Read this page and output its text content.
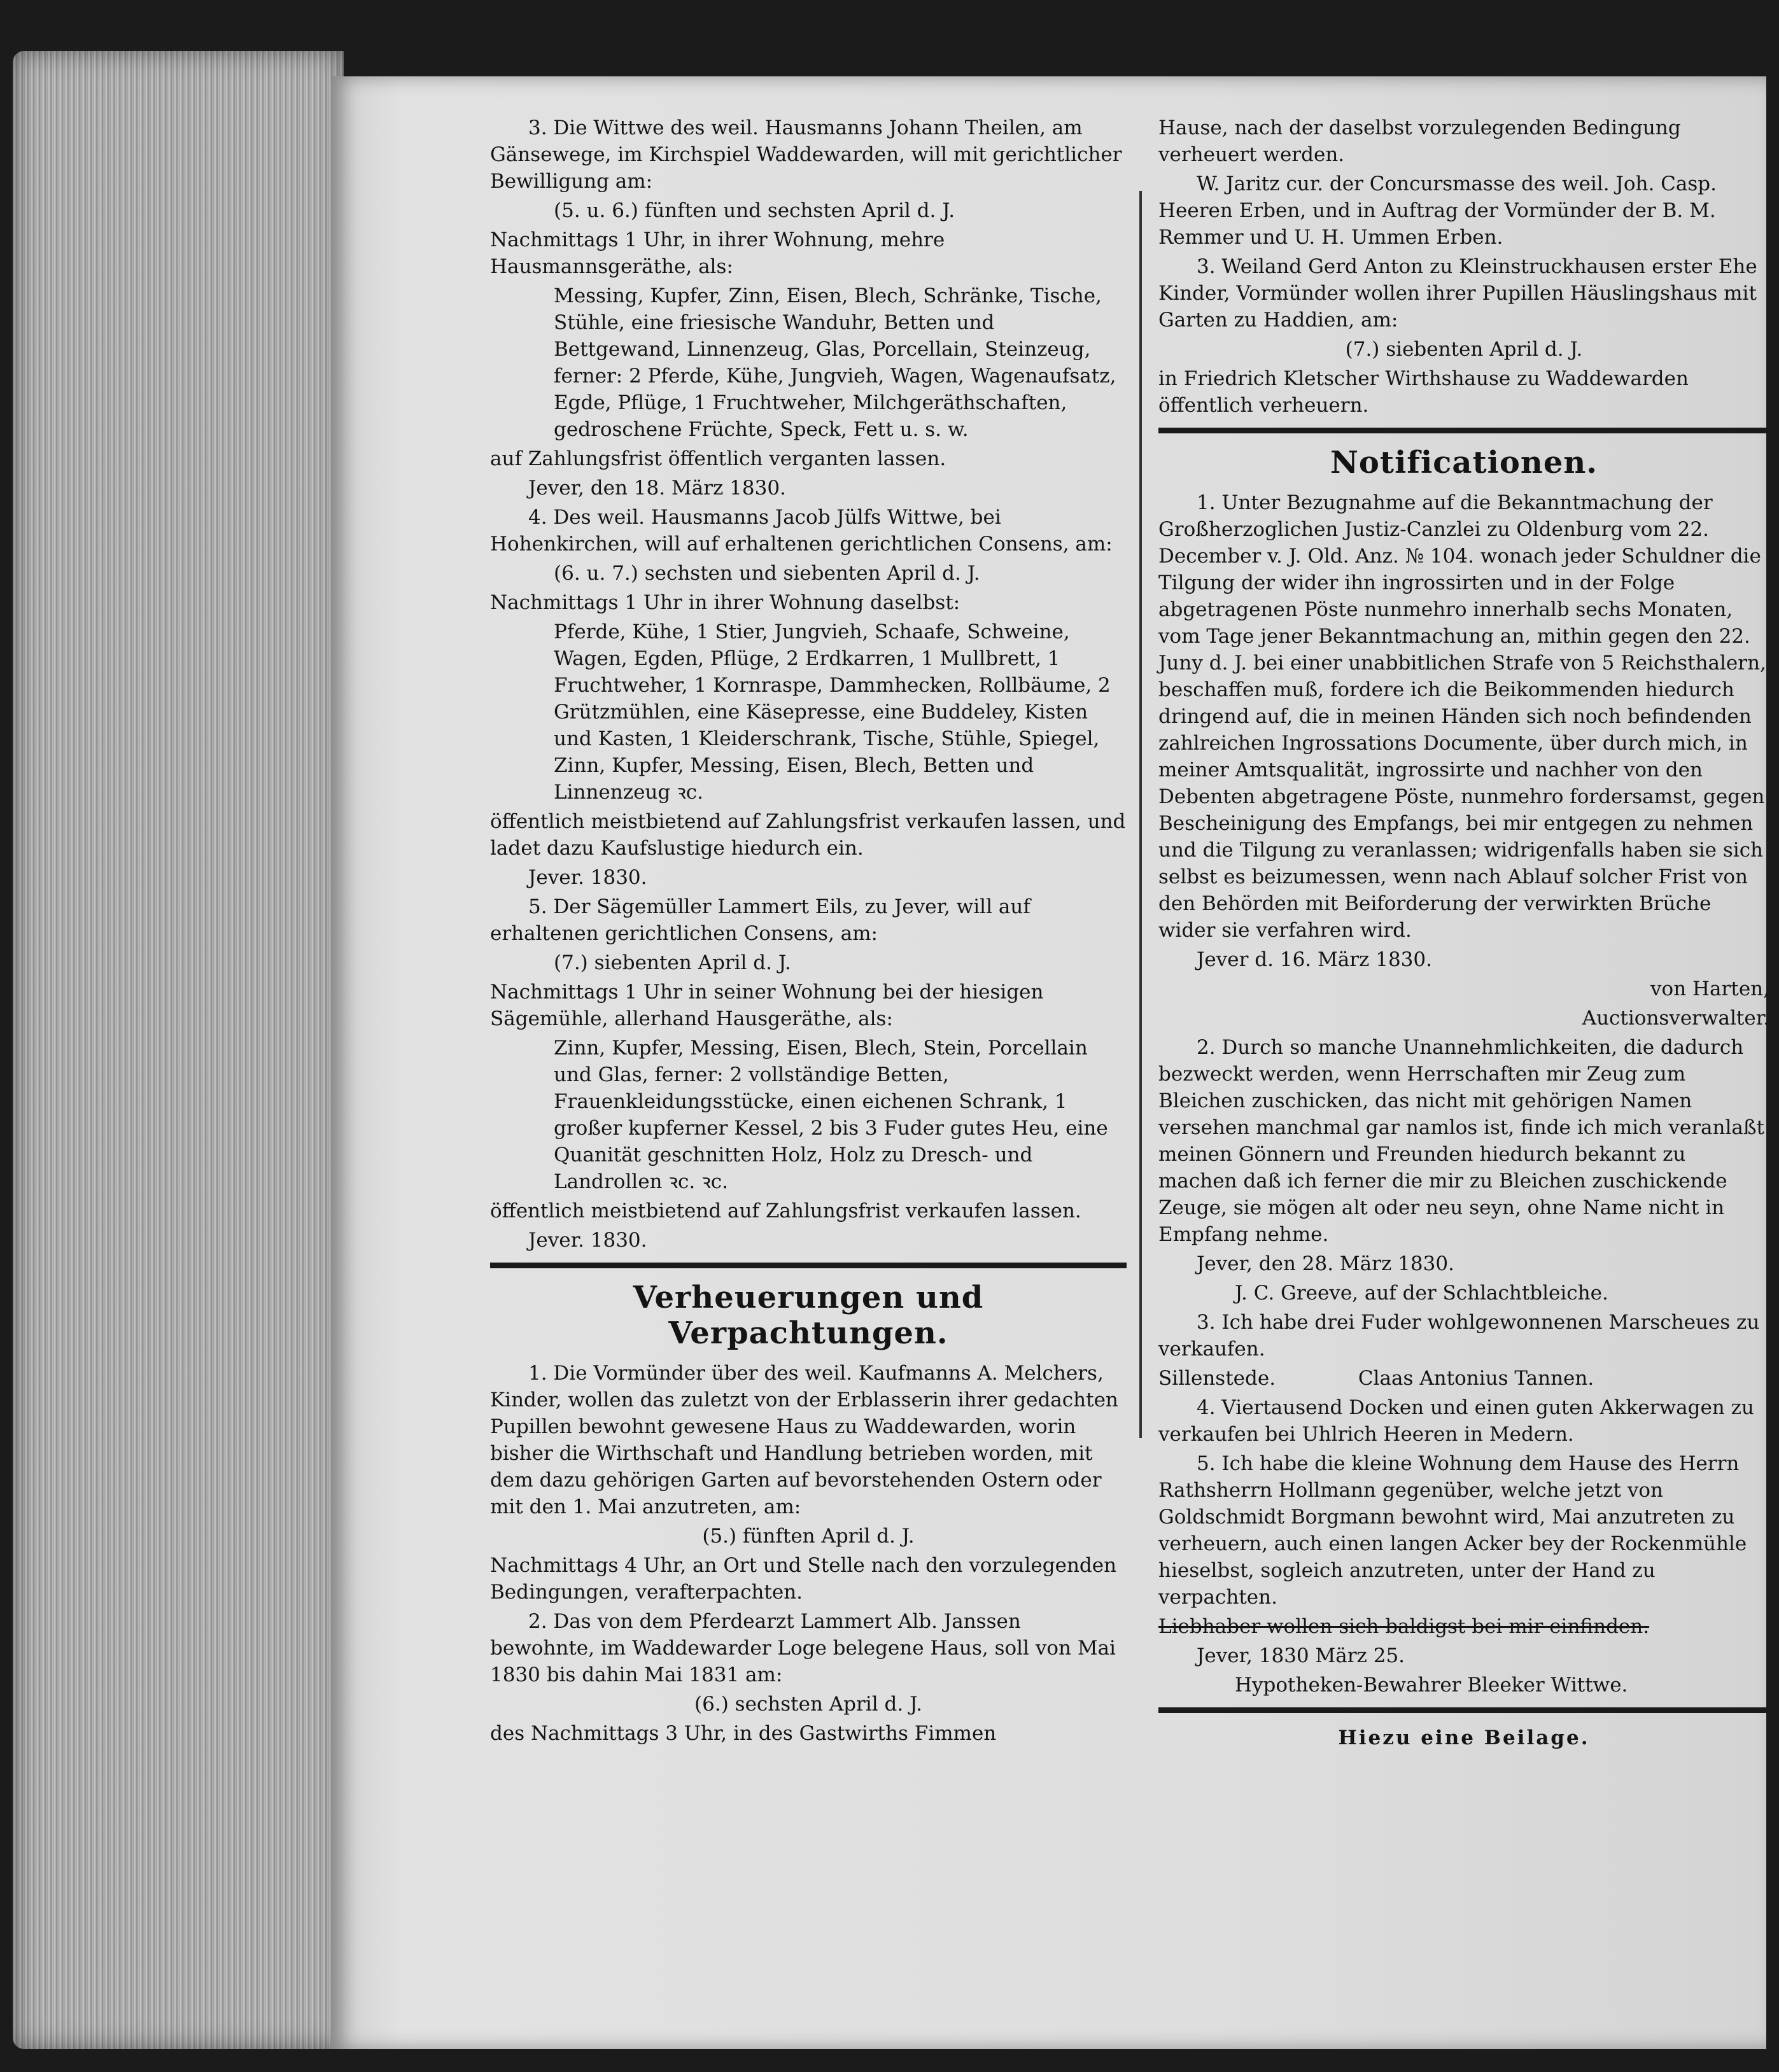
3. Die Wittwe des weil. Hausmanns Johann Theilen, am Gänsewege, im Kirchspiel Waddewarden, will mit gerichtlicher Bewilligung am:

(5. u. 6.) fünften und sechsten April d. J.

Nachmittags 1 Uhr, in ihrer Wohnung, mehre Hausmannsgeräthe, als:

Messing, Kupfer, Zinn, Eisen, Blech, Schränke, Tische, Stühle, eine friesische Wanduhr, Betten und Bettgewand, Linnenzeug, Glas, Porcellain, Steinzeug, ferner: 2 Pferde, Kühe, Jungvieh, Wagen, Wagenaufsatz, Egde, Pflüge, 1 Fruchtweher, Milchgeräthschaften, gedroschene Früchte, Speck, Fett u. s. w.

auf Zahlungsfrist öffentlich verganten lassen.

Jever, den 18. März 1830.

4. Des weil. Hausmanns Jacob Jülfs Wittwe, bei Hohenkirchen, will auf erhaltenen gerichtlichen Consens, am:

(6. u. 7.) sechsten und siebenten April d. J.

Nachmittags 1 Uhr in ihrer Wohnung daselbst:

Pferde, Kühe, 1 Stier, Jungvieh, Schaafe, Schweine, Wagen, Egden, Pflüge, 2 Erdkarren, 1 Mullbrett, 1 Fruchtweher, 1 Kornraspe, Dammhecken, Rollbäume, 2 Grützmühlen, eine Käsepresse, eine Buddeley, Kisten und Kasten, 1 Kleiderschrank, Tische, Stühle, Spiegel, Zinn, Kupfer, Messing, Eisen, Blech, Betten und Linnenzeug ꝛc.

öffentlich meistbietend auf Zahlungsfrist verkaufen lassen, und ladet dazu Kaufslustige hiedurch ein.

Jever. 1830.

5. Der Sägemüller Lammert Eils, zu Jever, will auf erhaltenen gerichtlichen Consens, am:

(7.) siebenten April d. J.

Nachmittags 1 Uhr in seiner Wohnung bei der hiesigen Sägemühle, allerhand Hausgeräthe, als:

Zinn, Kupfer, Messing, Eisen, Blech, Stein, Porcellain und Glas, ferner: 2 vollständige Betten, Frauenkleidungsstücke, einen eichenen Schrank, 1 großer kupferner Kessel, 2 bis 3 Fuder gutes Heu, eine Quanität geschnitten Holz, Holz zu Dresch- und Landrollen ꝛc. ꝛc.

öffentlich meistbietend auf Zahlungsfrist verkaufen lassen.

Jever. 1830.

Verheuerungen und Verpachtungen.

1. Die Vormünder über des weil. Kaufmanns A. Melchers, Kinder, wollen das zuletzt von der Erblasserin ihrer gedachten Pupillen bewohnt gewesene Haus zu Waddewarden, worin bisher die Wirthschaft und Handlung betrieben worden, mit dem dazu gehörigen Garten auf bevorstehenden Ostern oder mit den 1. Mai anzutreten, am:

(5.) fünften April d. J.

Nachmittags 4 Uhr, an Ort und Stelle nach den vorzulegenden Bedingungen, verafterpachten.

2. Das von dem Pferdearzt Lammert Alb. Janssen bewohnte, im Waddewarder Loge belegene Haus, soll von Mai 1830 bis dahin Mai 1831 am:

(6.) sechsten April d. J.

des Nachmittags 3 Uhr, in des Gastwirths Fimmen

Hause, nach der daselbst vorzulegenden Bedingung verheuert werden.

W. Jaritz cur. der Concursmasse des weil. Joh. Casp. Heeren Erben, und in Auftrag der Vormünder der B. M. Remmer und U. H. Ummen Erben.

3. Weiland Gerd Anton zu Kleinstruckhausen erster Ehe Kinder, Vormünder wollen ihrer Pupillen Häuslingshaus mit Garten zu Haddien, am:

(7.) siebenten April d. J.

in Friedrich Kletscher Wirthshause zu Waddewarden öffentlich verheuern.

Notificationen.

1. Unter Bezugnahme auf die Bekanntmachung der Großherzoglichen Justiz-Canzlei zu Oldenburg vom 22. December v. J. Old. Anz. № 104. wonach jeder Schuldner die Tilgung der wider ihn ingrossirten und in der Folge abgetragenen Pöste nunmehro innerhalb sechs Monaten, vom Tage jener Bekanntmachung an, mithin gegen den 22. Juny d. J. bei einer unabbitlichen Strafe von 5 Reichsthalern, beschaffen muß, fordere ich die Beikommenden hiedurch dringend auf, die in meinen Händen sich noch befindenden zahlreichen Ingrossations Documente, über durch mich, in meiner Amtsqualität, ingrossirte und nachher von den Debenten abgetragene Pöste, nunmehro fordersamst, gegen Bescheinigung des Empfangs, bei mir entgegen zu nehmen und die Tilgung zu veranlassen; widrigenfalls haben sie sich selbst es beizumessen, wenn nach Ablauf solcher Frist von den Behörden mit Beiforderung der verwirkten Brüche wider sie verfahren wird.

Jever d. 16. März 1830.

von Harten,

Auctionsverwalter.

2. Durch so manche Unannehmlichkeiten, die dadurch bezweckt werden, wenn Herrschaften mir Zeug zum Bleichen zuschicken, das nicht mit gehörigen Namen versehen manchmal gar namlos ist, finde ich mich veranlaßt meinen Gönnern und Freunden hiedurch bekannt zu machen daß ich ferner die mir zu Bleichen zuschickende Zeuge, sie mögen alt oder neu seyn, ohne Name nicht in Empfang nehme.

Jever, den 28. März 1830.

J. C. Greeve, auf der Schlachtbleiche.

3. Ich habe drei Fuder wohlgewonnenen Marscheues zu verkaufen.

Sillenstede.	Claas Antonius Tannen.

4. Viertausend Docken und einen guten Akkerwagen zu verkaufen bei Uhlrich Heeren in Medern.

5. Ich habe die kleine Wohnung dem Hause des Herrn Rathsherrn Hollmann gegenüber, welche jetzt von Goldschmidt Borgmann bewohnt wird, Mai anzutreten zu verheuern, auch einen langen Acker bey der Rockenmühle hieselbst, sogleich anzutreten, unter der Hand zu verpachten.

Liebhaber wollen sich baldigst bei mir einfinden.

Jever, 1830 März 25.

Hypotheken-Bewahrer Bleeker Wittwe.

Hiezu eine Beilage.
